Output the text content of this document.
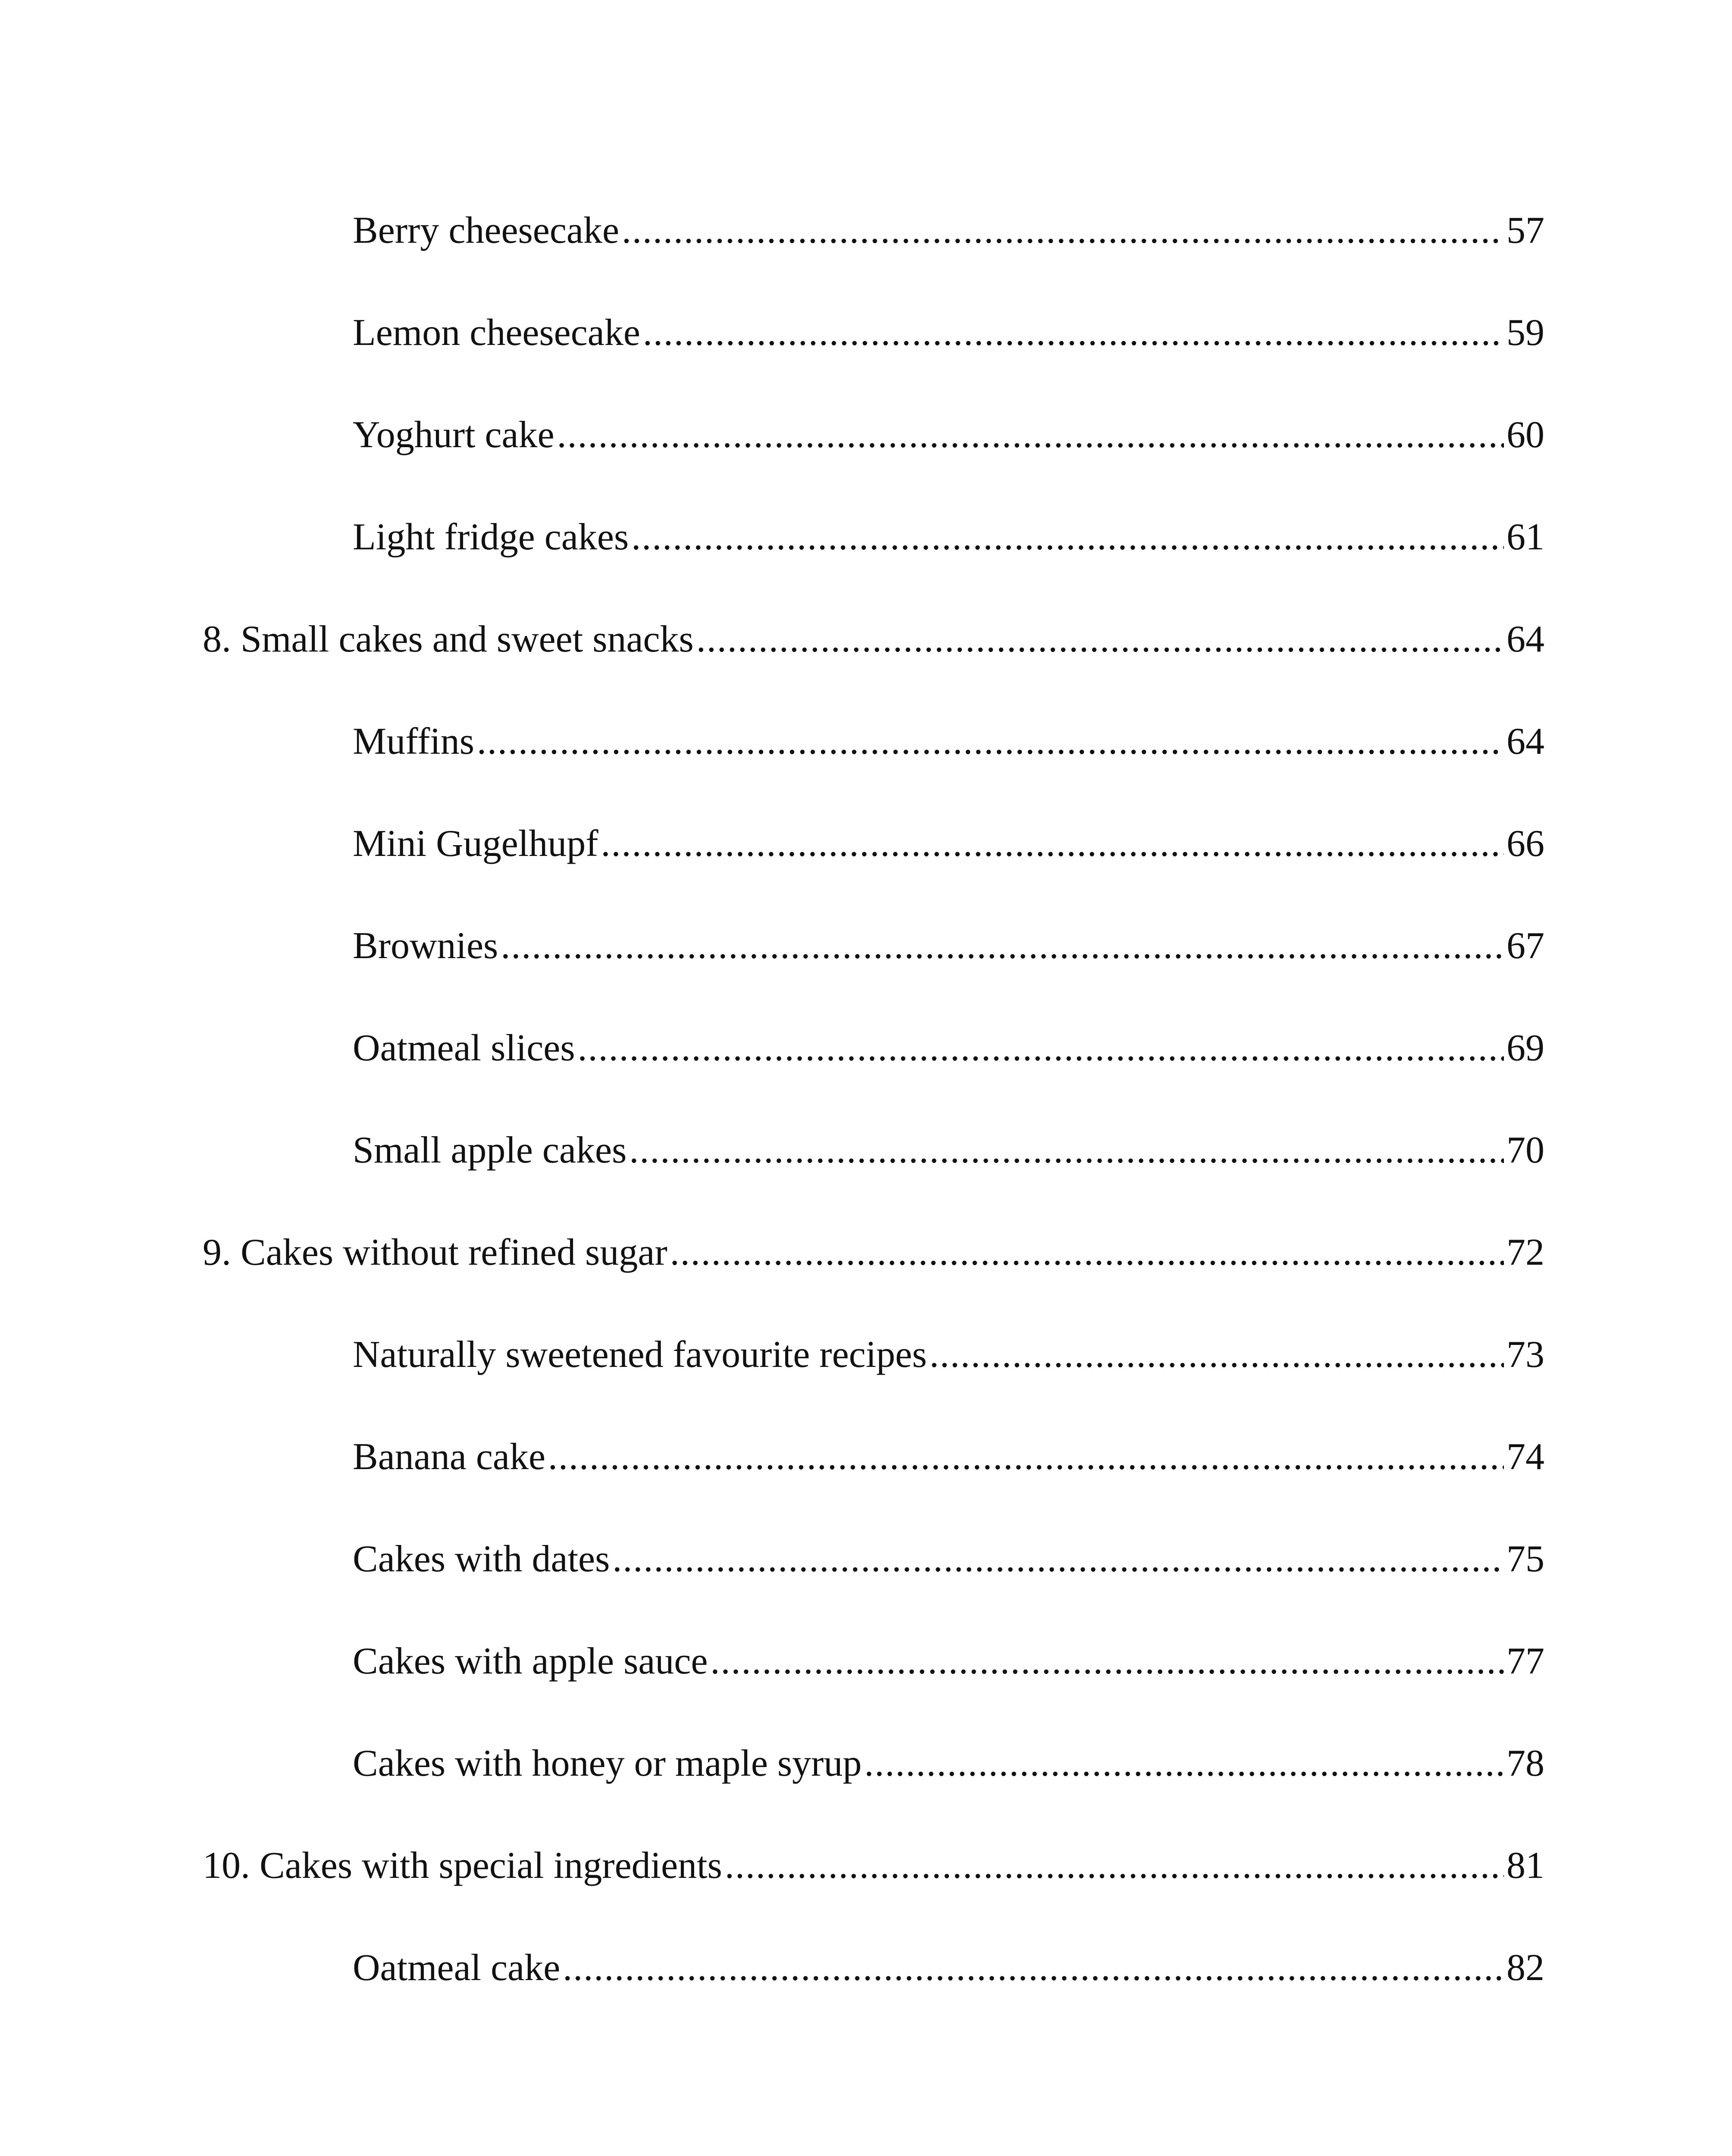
Berry cheesecake .....	57
Lemon cheesecake .....	59
Yoghurt cake .....	60
Light fridge cakes .....	61
8. Small cakes and sweet snacks .....	64
Muffins .....	64
Mini Gugelhupf .....	66
Brownies .....	67
Oatmeal slices .....	69
Small apple cakes .....	70
9. Cakes without refined sugar .....	72
Naturally sweetened favourite recipes .....	73
Banana cake .....	74
Cakes with dates .....	75
Cakes with apple sauce .....	77
Cakes with honey or maple syrup .....	78
10. Cakes with special ingredients .....	81
Oatmeal cake .....	82
